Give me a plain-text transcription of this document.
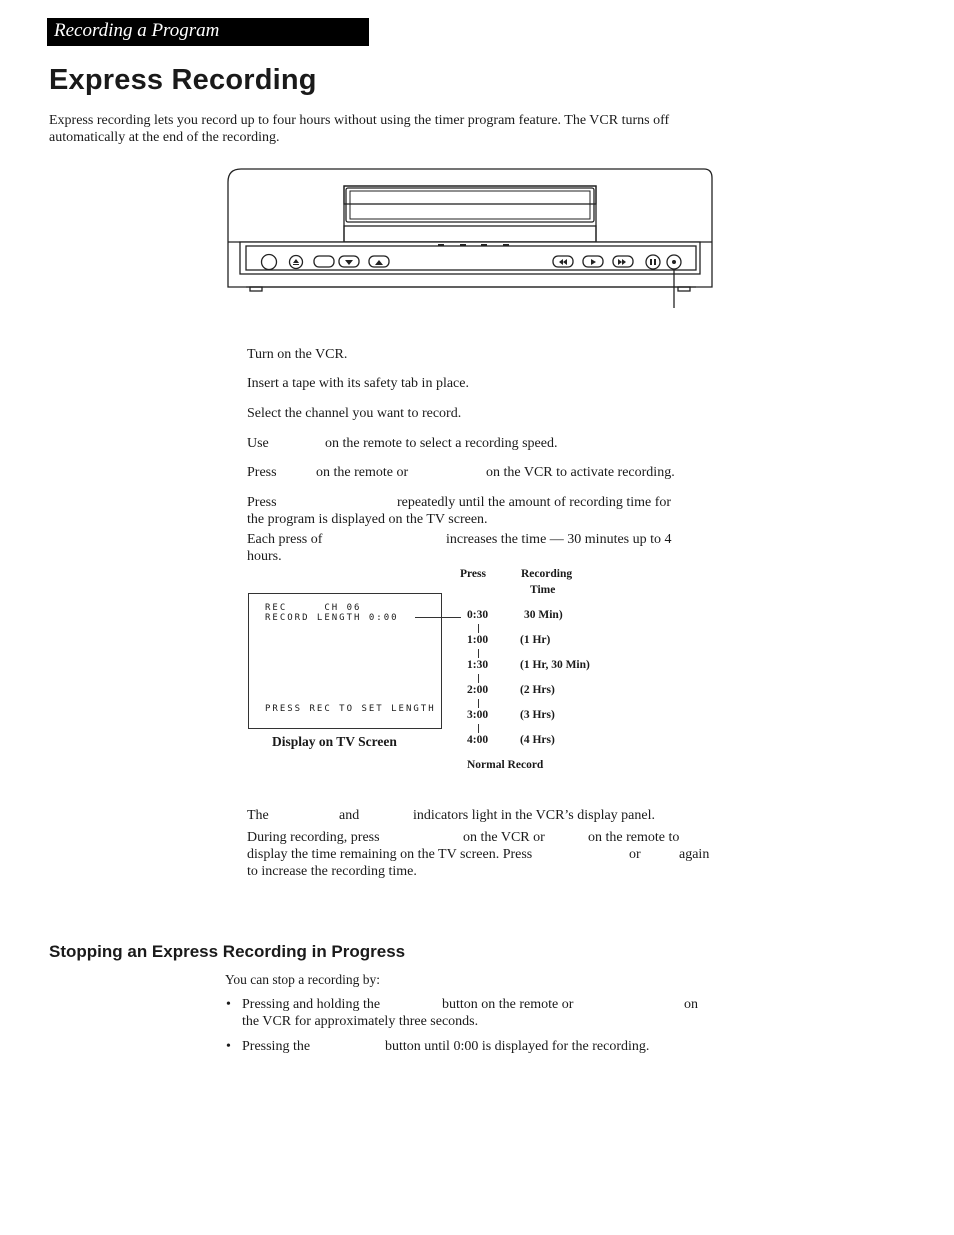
Recording a Program
Express Recording
Express recording lets you record up to four hours without using the timer program feature. The VCR turns off automatically at the end of the recording.
Turn on the VCR.
Insert a tape with its safety tab in place.
Select the channel you want to record.
Use	on the remote to select a recording speed.
Press	on the remote or	on the VCR to activate recording.
Press	repeatedly until the amount of recording time for
the program is displayed on the TV screen.
Each press of	increases the time — 30 minutes up to 4
hours.
REC     CH 06
RECORD LENGTH 0:00
PRESS REC TO SET LENGTH
Display on TV Screen
Press	Recording
Time
0:30	30 Min)
1:00	(1 Hr)
1:30	(1 Hr, 30 Min)
2:00	(2 Hrs)
3:00	(3 Hrs)
4:00	(4 Hrs)
Normal Record
The	and	indicators light in the VCR’s display panel.
During recording, press	on the VCR or	on the remote to
display the time remaining on the TV screen. Press	or	again
to increase the recording time.
Stopping an Express Recording in Progress
You can stop a recording by:
• Pressing and holding the	button on the remote or	on
the VCR for approximately three seconds.
• Pressing the	button until 0:00 is displayed for the recording.
